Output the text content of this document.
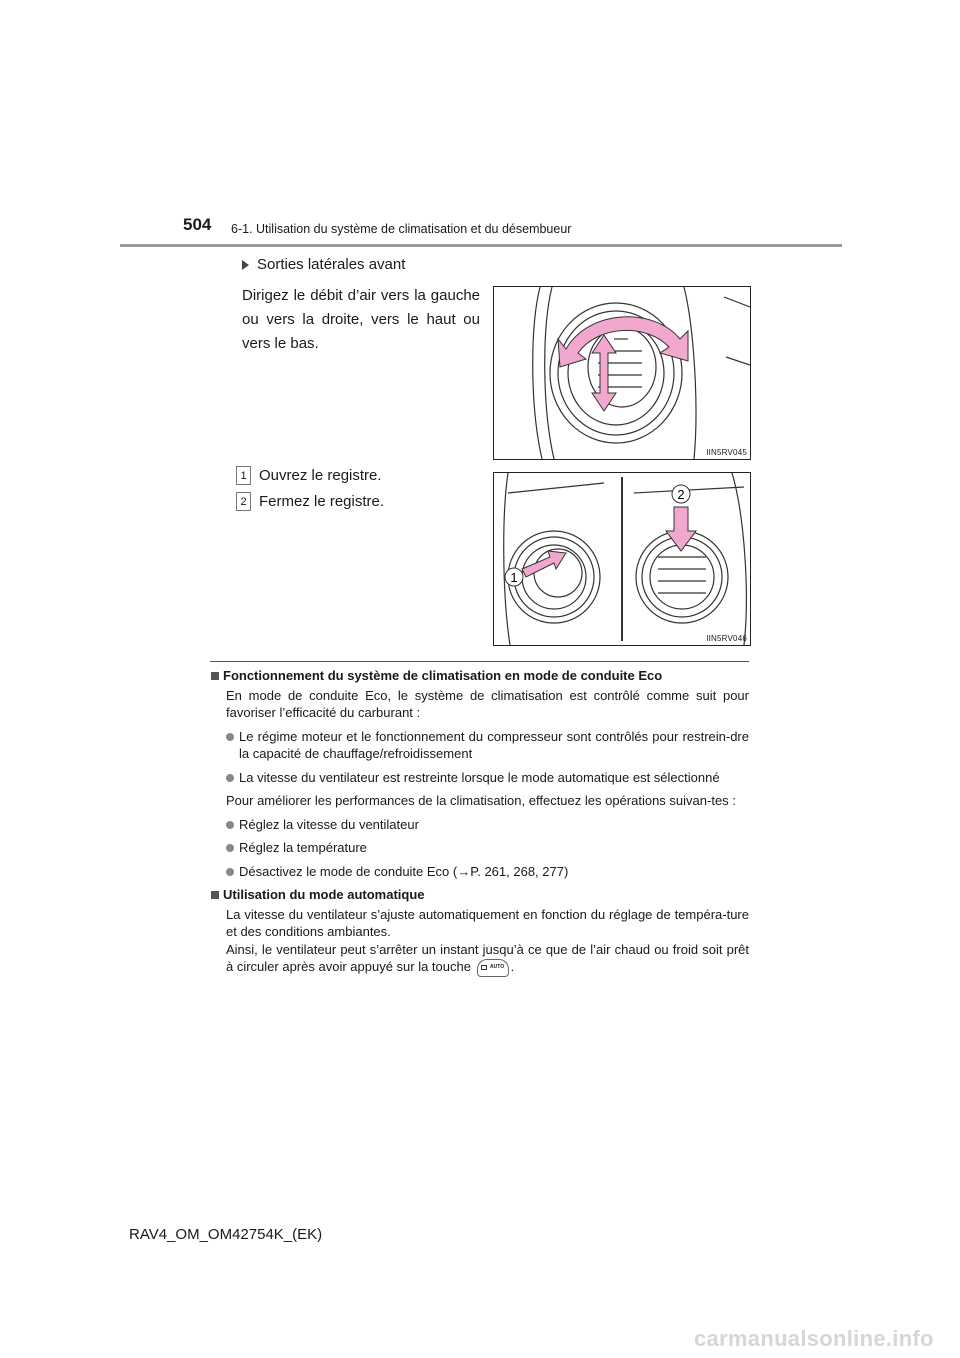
504 6-1. Utilisation du système de climatisation et du désembueur
Sorties latérales avant
Dirigez le débit d’air vers la gauche ou vers la droite, vers le haut ou vers le bas.
IIN5RV045
1 Ouvrez le registre.
2 Fermez le registre.
1
2
IIN5RV046
Fonctionnement du système de climatisation en mode de conduite Eco
En mode de conduite Eco, le système de climatisation est contrôlé comme suit pour favoriser l’efficacité du carburant :
Le régime moteur et le fonctionnement du compresseur sont contrôlés pour restrein-dre la capacité de chauffage/refroidissement
La vitesse du ventilateur est restreinte lorsque le mode automatique est sélectionné
Pour améliorer les performances de la climatisation, effectuez les opérations suivan-tes :
Réglez la vitesse du ventilateur
Réglez la température
Désactivez le mode de conduite Eco (→P. 261, 268, 277)
Utilisation du mode automatique
La vitesse du ventilateur s’ajuste automatiquement en fonction du réglage de tempéra-ture et des conditions ambiantes.
Ainsi, le ventilateur peut s’arrêter un instant jusqu’à ce que de l’air chaud ou froid soit prêt à circuler après avoir appuyé sur la touche	AUTO .
RAV4_OM_OM42754K_(EK)
carmanualsonline.info
